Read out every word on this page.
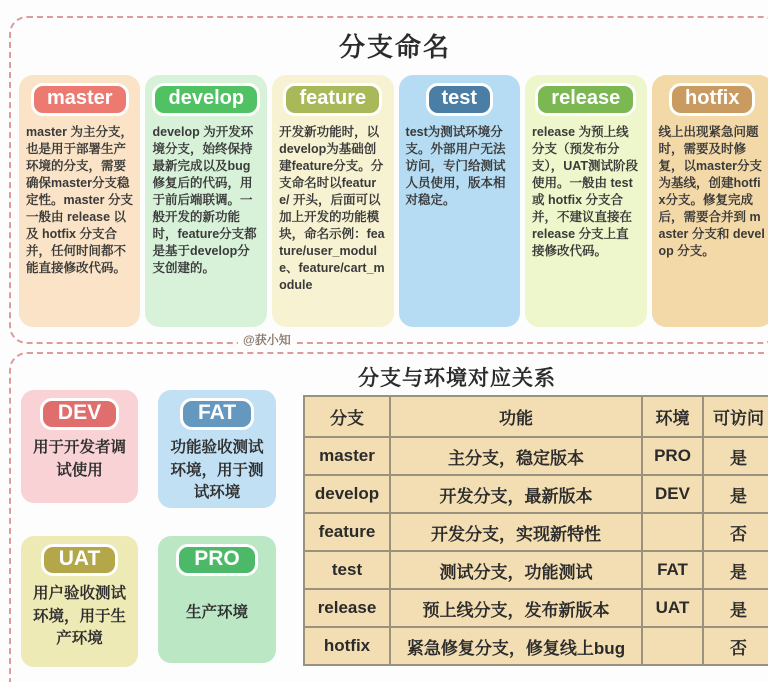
分支命名
master
master 为主分支，也是用于部署生产环境的分支，需要确保master分支稳定性。master 分支一般由 release 以及 hotfix 分支合并，任何时间都不能直接修改代码。
develop
develop 为开发环境分支，始终保持最新完成以及bug修复后的代码，用于前后端联调。一般开发的新功能时，feature分支都是基于develop分支创建的。
feature
开发新功能时，以develop为基础创建feature分支。分支命名时以feature/ 开头，后面可以加上开发的功能模块，命名示例：feature/user_module、feature/cart_module
test
test为测试环境分支。外部用户无法访问，专门给测试人员使用，版本相对稳定。
release
release 为预上线分支（预发布分支），UAT测试阶段使用。一般由 test 或 hotfix 分支合并，不建议直接在 release 分支上直接修改代码。
hotfix
线上出现紧急问题时，需要及时修复，以master分支为基线，创建hotfix分支。修复完成后，需要合并到 master 分支和 develop 分支。
@获小知
分支与环境对应关系
DEV
用于开发者调试使用
FAT
功能验收测试环境，用于测试环境
UAT
用户验收测试环境，用于生产环境
PRO
生产环境
分支	功能	环境	可访问
master	主分支，稳定版本	PRO	是
develop	开发分支，最新版本	DEV	是
feature	开发分支，实现新特性		否
test	测试分支，功能测试	FAT	是
release	预上线分支，发布新版本	UAT	是
hotfix	紧急修复分支，修复线上bug		否
